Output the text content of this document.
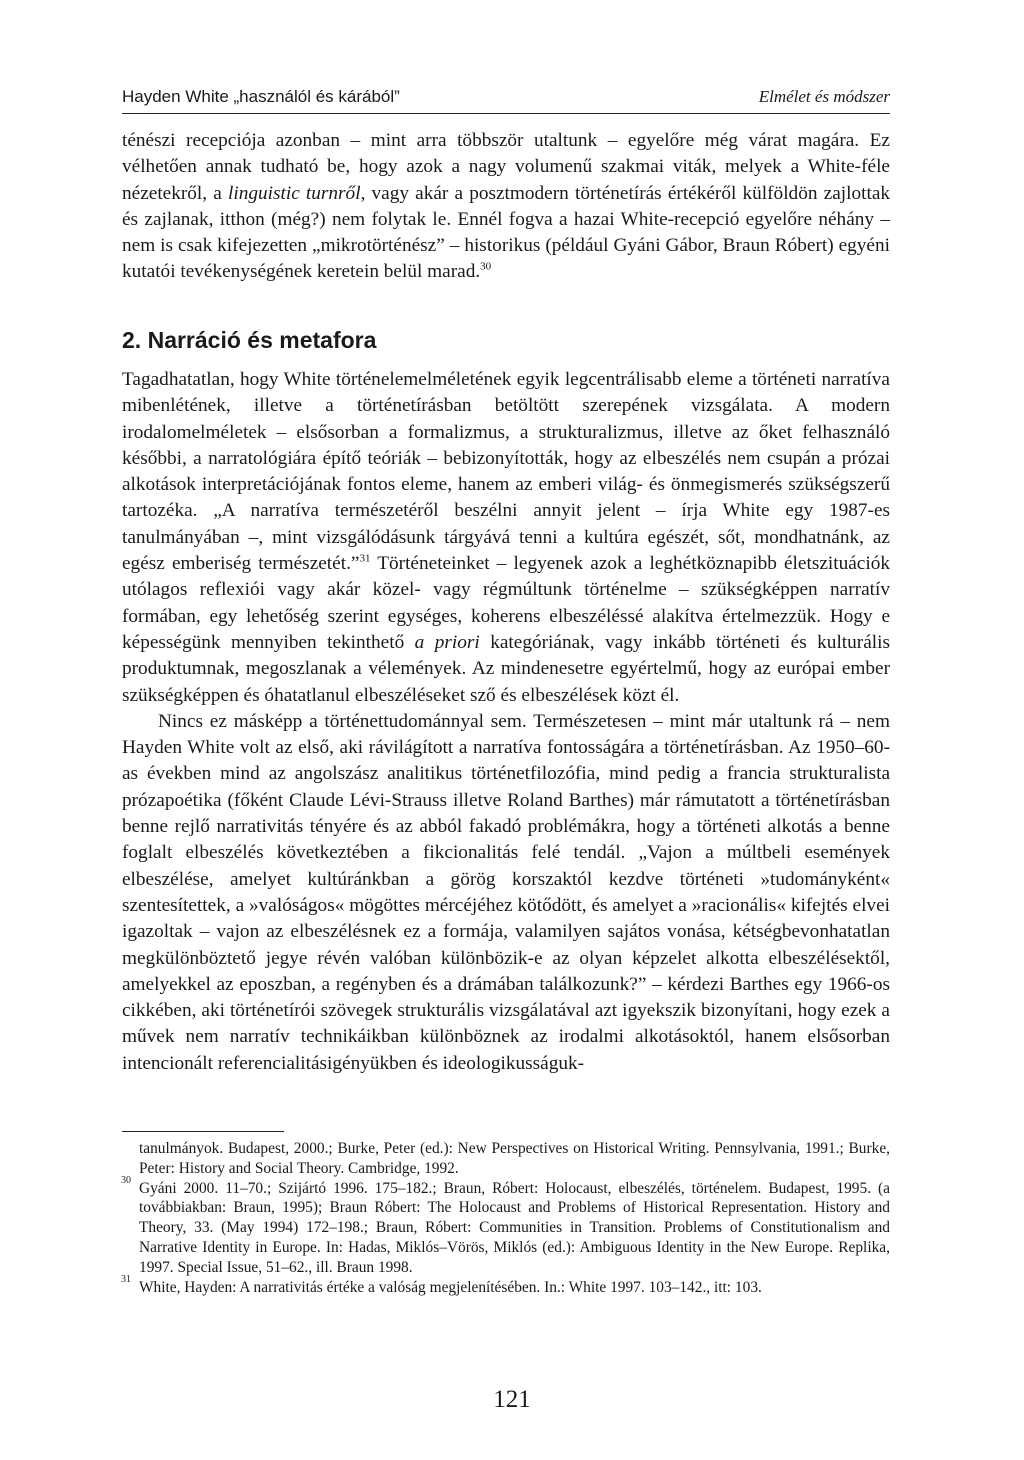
Hayden White „használól és kárából”	Elmélet és módszer

ténészi recepciója azonban – mint arra többször utaltunk – egyelőre még várat magára. Ez vélhetően annak tudható be, hogy azok a nagy volumenű szakmai viták, melyek a White-féle nézetekről, a linguistic turnről, vagy akár a posztmodern történetírás értékéről külföldön zajlottak és zajlanak, itthon (még?) nem folytak le. Ennél fogva a hazai White-recepció egyelőre néhány – nem is csak kifejezetten „mikrotörténész” – historikus (például Gyáni Gábor, Braun Róbert) egyéni kutatói tevékenységének keretein belül marad.$^{30}$

2. Narráció és metafora

Tagadhatatlan, hogy White történelemelméletének egyik legcentrálisabb eleme a történeti narratíva mibenlétének, illetve a történetírásban betöltött szerepének vizsgálata. A modern irodalomelméletek – elsősorban a formalizmus, a strukturalizmus, illetve az őket felhasználó későbbi, a narratológiára építő teóriák – bebizonyították, hogy az elbeszélés nem csupán a prózai alkotások interpretációjának fontos eleme, hanem az emberi világ- és önmegismerés szükségszerű tartozéka. „A narratíva természetéről beszélni annyit jelent – írja White egy 1987-es tanulmányában –, mint vizsgálódásunk tárgyává tenni a kultúra egészét, sőt, mondhatnánk, az egész emberiség természetét.”$^{31}$ Történeteinket – legyenek azok a leghétköznapibb életszituációk utólagos reflexiói vagy akár közel- vagy régmúltunk történelme – szükségképpen narratív formában, egy lehetőség szerint egységes, koherens elbeszéléssé alakítva értelmezzük. Hogy e képességünk mennyiben tekinthető a priori kategóriának, vagy inkább történeti és kulturális produktumnak, megoszlanak a vélemények. Az mindenesetre egyértelmű, hogy az európai ember szükségképpen és óhatatlanul elbeszéléseket sző és elbeszélések közt él.

Nincs ez másképp a történettudománnyal sem. Természetesen – mint már utaltunk rá – nem Hayden White volt az első, aki rávilágított a narratíva fontosságára a történetírásban. Az 1950–60-as években mind az angolszász analitikus történetfilozófia, mind pedig a francia strukturalista prózapoétika (főként Claude Lévi-Strauss illetve Roland Barthes) már rámutatott a történetírásban benne rejlő narrativitás tényére és az abból fakadó problémákra, hogy a történeti alkotás a benne foglalt elbeszélés következtében a fikcionalitás felé tendál. „Vajon a múltbeli események elbeszélése, amelyet kultúránkban a görög korszaktól kezdve történeti »tudományként« szentesítettek, a »valóságos« mögöttes mércéjéhez kötődött, és amelyet a »racionális« kifejtés elvei igazoltak – vajon az elbeszélésnek ez a formája, valamilyen sajátos vonása, kétségbevonhatatlan megkülönböztető jegye révén valóban különbözik-e az olyan képzelet alkotta elbeszélésektől, amelyekkel az eposzban, a regényben és a drámában találkozunk?” – kérdezi Barthes egy 1966-os cikkében, aki történetírói szövegek strukturális vizsgálatával azt igyekszik bizonyítani, hogy ezek a művek nem narratív technikáikban különböznek az irodalmi alkotásoktól, hanem elsősorban intencionált referencialitásigényükben és ideologikusságuk-

tanulmányok. Budapest, 2000.; Burke, Peter (ed.): New Perspectives on Historical Writing. Pennsylvania, 1991.; Burke, Peter: History and Social Theory. Cambridge, 1992.

30 Gyáni 2000. 11–70.; Szijártó 1996. 175–182.; Braun, Róbert: Holocaust, elbeszélés, történelem. Budapest, 1995. (a továbbiakban: Braun, 1995); Braun Róbert: The Holocaust and Problems of Historical Representation. History and Theory, 33. (May 1994) 172–198.; Braun, Róbert: Communities in Transition. Problems of Constitutionalism and Narrative Identity in Europe. In: Hadas, Miklós–Vörös, Miklós (ed.): Ambiguous Identity in the New Europe. Replika, 1997. Special Issue, 51–62., ill. Braun 1998.

31 White, Hayden: A narrativitás értéke a valóság megjelenítésében. In.: White 1997. 103–142., itt: 103.

121
